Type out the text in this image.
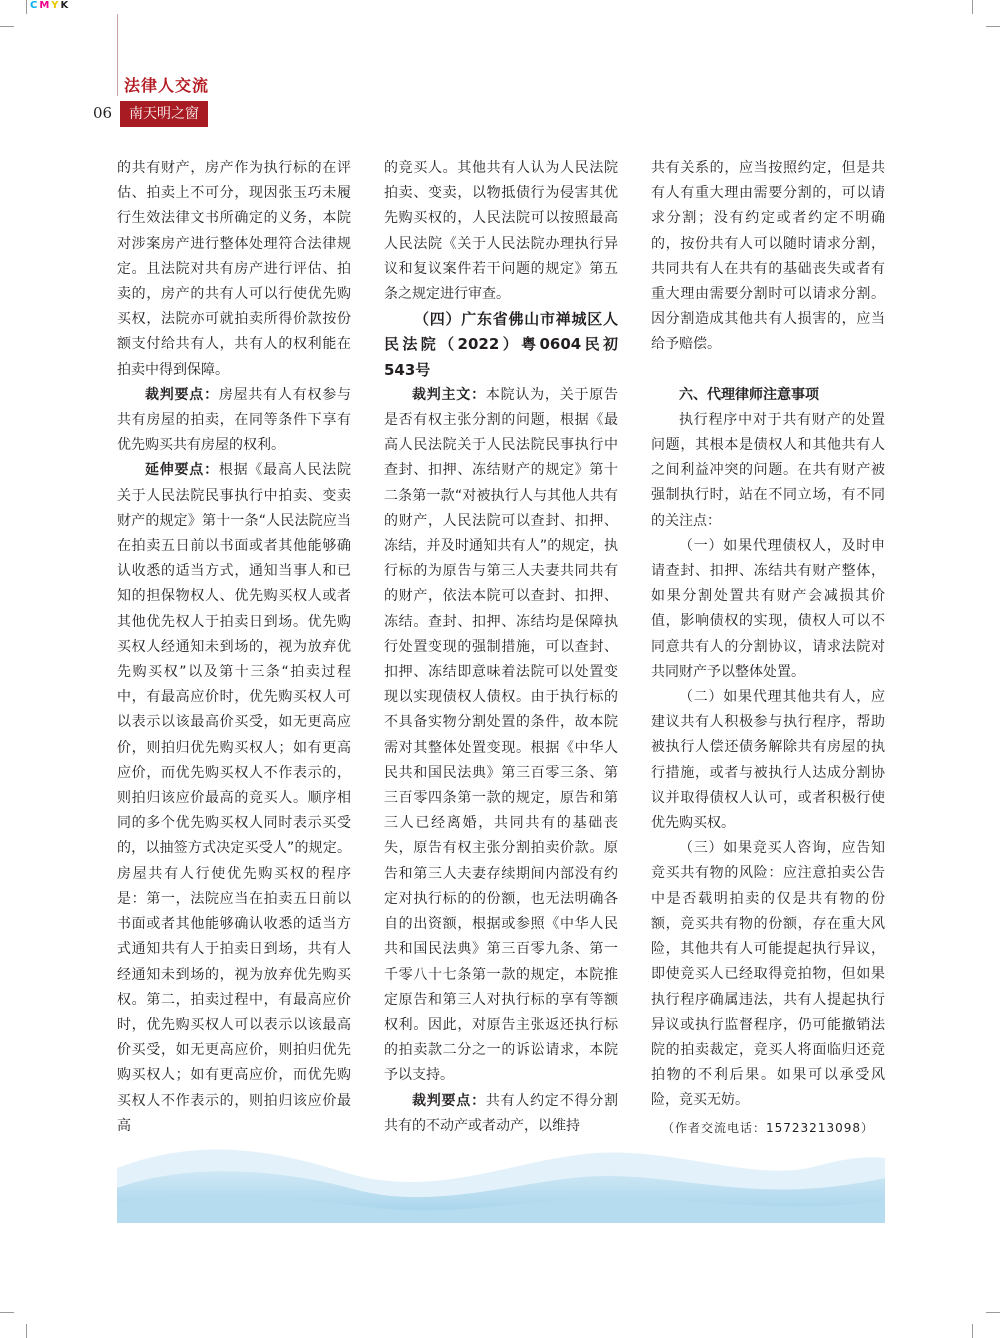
CMYK
法律人交流
06	南天明之窗

的共有财产，房产作为执行标的在评估、拍卖上不可分，现因张玉巧未履行生效法律文书所确定的义务，本院对涉案房产进行整体处理符合法律规定。且法院对共有房产进行评估、拍卖的，房产的共有人可以行使优先购买权，法院亦可就拍卖所得价款按份额支付给共有人，共有人的权利能在拍卖中得到保障。

裁判要点：房屋共有人有权参与共有房屋的拍卖，在同等条件下享有优先购买共有房屋的权利。

延伸要点：根据《最高人民法院关于人民法院民事执行中拍卖、变卖财产的规定》第十一条“人民法院应当在拍卖五日前以书面或者其他能够确认收悉的适当方式，通知当事人和已知的担保物权人、优先购买权人或者其他优先权人于拍卖日到场。优先购买权人经通知未到场的，视为放弃优先购买权”以及第十三条“拍卖过程中，有最高应价时，优先购买权人可以表示以该最高价买受，如无更高应价，则拍归优先购买权人；如有更高应价，而优先购买权人不作表示的，则拍归该应价最高的竞买人。顺序相同的多个优先购买权人同时表示买受的，以抽签方式决定买受人”的规定。房屋共有人行使优先购买权的程序是：第一，法院应当在拍卖五日前以书面或者其他能够确认收悉的适当方式通知共有人于拍卖日到场，共有人经通知未到场的，视为放弃优先购买权。第二，拍卖过程中，有最高应价时，优先购买权人可以表示以该最高价买受，如无更高应价，则拍归优先购买权人；如有更高应价，而优先购买权人不作表示的，则拍归该应价最高

的竞买人。其他共有人认为人民法院拍卖、变卖，以物抵债行为侵害其优先购买权的，人民法院可以按照最高人民法院《关于人民法院办理执行异议和复议案件若干问题的规定》第五条之规定进行审查。

（四）广东省佛山市禅城区人民法院（2022）粤0604民初543号

裁判主文：本院认为，关于原告是否有权主张分割的问题，根据《最高人民法院关于人民法院民事执行中查封、扣押、冻结财产的规定》第十二条第一款“对被执行人与其他人共有的财产，人民法院可以查封、扣押、冻结，并及时通知共有人”的规定，执行标的为原告与第三人夫妻共同共有的财产，依法本院可以查封、扣押、冻结。查封、扣押、冻结均是保障执行处置变现的强制措施，可以查封、扣押、冻结即意味着法院可以处置变现以实现债权人债权。由于执行标的不具备实物分割处置的条件，故本院需对其整体处置变现。根据《中华人民共和国民法典》第三百零三条、第三百零四条第一款的规定，原告和第三人已经离婚，共同共有的基础丧失，原告有权主张分割拍卖价款。原告和第三人夫妻存续期间内部没有约定对执行标的的份额，也无法明确各自的出资额，根据或参照《中华人民共和国民法典》第三百零九条、第一千零八十七条第一款的规定，本院推定原告和第三人对执行标的享有等额权利。因此，对原告主张返还执行标的拍卖款二分之一的诉讼请求，本院予以支持。

裁判要点：共有人约定不得分割共有的不动产或者动产，以维持

共有关系的，应当按照约定，但是共有人有重大理由需要分割的，可以请求分割；没有约定或者约定不明确的，按份共有人可以随时请求分割，共同共有人在共有的基础丧失或者有重大理由需要分割时可以请求分割。因分割造成其他共有人损害的，应当给予赔偿。

六、代理律师注意事项

执行程序中对于共有财产的处置问题，其根本是债权人和其他共有人之间利益冲突的问题。在共有财产被强制执行时，站在不同立场，有不同的关注点：

（一）如果代理债权人，及时申请查封、扣押、冻结共有财产整体，如果分割处置共有财产会减损其价值，影响债权的实现，债权人可以不同意共有人的分割协议，请求法院对共同财产予以整体处置。

（二）如果代理其他共有人，应建议共有人积极参与执行程序，帮助被执行人偿还债务解除共有房屋的执行措施，或者与被执行人达成分割协议并取得债权人认可，或者积极行使优先购买权。

（三）如果竞买人咨询，应告知竞买共有物的风险：应注意拍卖公告中是否载明拍卖的仅是共有物的份额，竞买共有物的份额，存在重大风险，其他共有人可能提起执行异议，即使竞买人已经取得竞拍物，但如果执行程序确属违法，共有人提起执行异议或执行监督程序，仍可能撤销法院的拍卖裁定，竞买人将面临归还竞拍物的不利后果。如果可以承受风险，竞买无妨。

（作者交流电话：15723213098）
